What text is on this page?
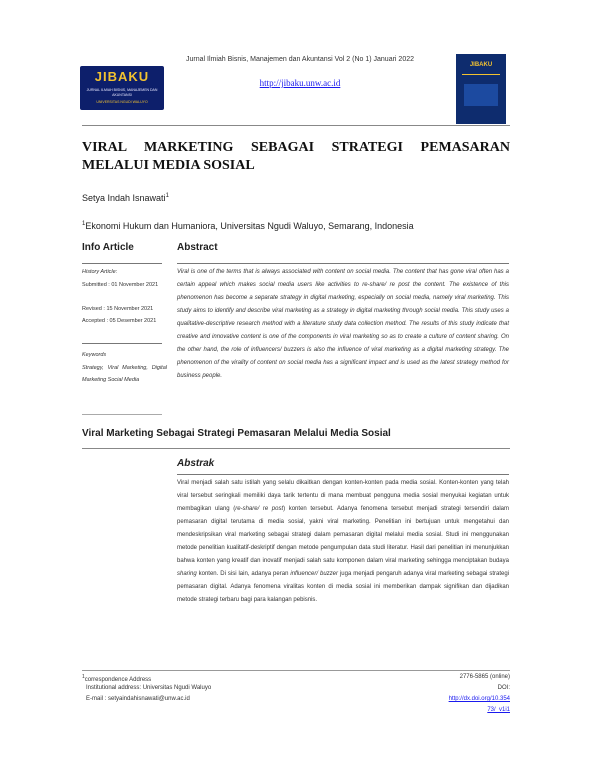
Jurnal Ilmiah Bisnis, Manajemen dan Akuntansi Vol 2 (No 1) Januari 2022
http://jibaku.unw.ac.id
JIBAKU
JURNAL ILMIAH BISNIS, MANAJEMEN DAN AKUNTANSI
UNIVERSITAS NGUDI WALUYO
JIBAKU
VIRAL MARKETING SEBAGAI STRATEGI PEMASARAN
MELALUI MEDIA SOSIAL
Setya Indah Isnawati$^1$
$^1$Ekonomi Hukum dan Humaniora, Universitas Ngudi Waluyo, Semarang, Indonesia
Info Article
History Article:
Submitted : 01 November 2021
Revised : 15 November 2021
Accepted : 05 Desember 2021
Keywords
Strategy, Viral Marketing, Digital Marketing Social Media
Abstract
Viral is one of the terms that is always associated with content on social media. The content that has gone viral often has a certain appeal which makes social media users like activities to re-share/ re post the content. The existence of this phenomenon has become a separate strategy in digital marketing, especially on social media, namely viral marketing. This study aims to identify and describe viral marketing as a strategy in digital marketing through social media. This study uses a qualitative-descriptive research method with a literature study data collection method. The results of this study indicate that creative and innovative content is one of the components in viral marketing so as to create a culture of content sharing. On the other hand, the role of influencers/ buzzers is also the influence of viral marketing as a digital marketing strategy. The phenomenon of the virality of content on social media has a significant impact and is used as the latest strategy method for business people.
Viral Marketing Sebagai Strategi Pemasaran Melalui Media Sosial
Abstrak
Viral menjadi salah satu istilah yang selalu dikaitkan dengan konten-konten pada media sosial. Konten-konten yang telah viral tersebut seringkali memiliki daya tarik tertentu di mana membuat pengguna media sosial menyukai kegiatan untuk membagikan ulang (re-share/ re post) konten tersebut. Adanya fenomena tersebut menjadi strategi tersendiri dalam pemasaran digital terutama di media sosial, yakni viral marketing. Penelitian ini bertujuan untuk mengetahui dan mendeskripsikan viral marketing sebagai strategi dalam pemasaran digital melalui media sosial. Studi ini menggunakan metode penelitian kualitatif-deskriptif dengan metode pengumpulan data studi literatur. Hasil dari penelitian ini menunjukkan bahwa konten yang kreatif dan inovatif menjadi salah satu komponen dalam viral marketing sehingga menciptakan budaya sharing konten. Di sisi lain, adanya peran influencer/ buzzer juga menjadi pengaruh adanya viral marketing sebagai strategi pemasaran digital. Adanya fenomena viralitas konten di media sosial ini memberikan dampak signifikan dan dijadikan metode strategi terbaru bagi para kalangan pebisnis.
$^1$correspondence Address
Institutional address: Universitas Ngudi Waluyo
E-mail : setyaindahisnawati@unw.ac.id
2776-5865 (online)
DOI:
http://dx.doi.org/10.354
73/_v1i1
